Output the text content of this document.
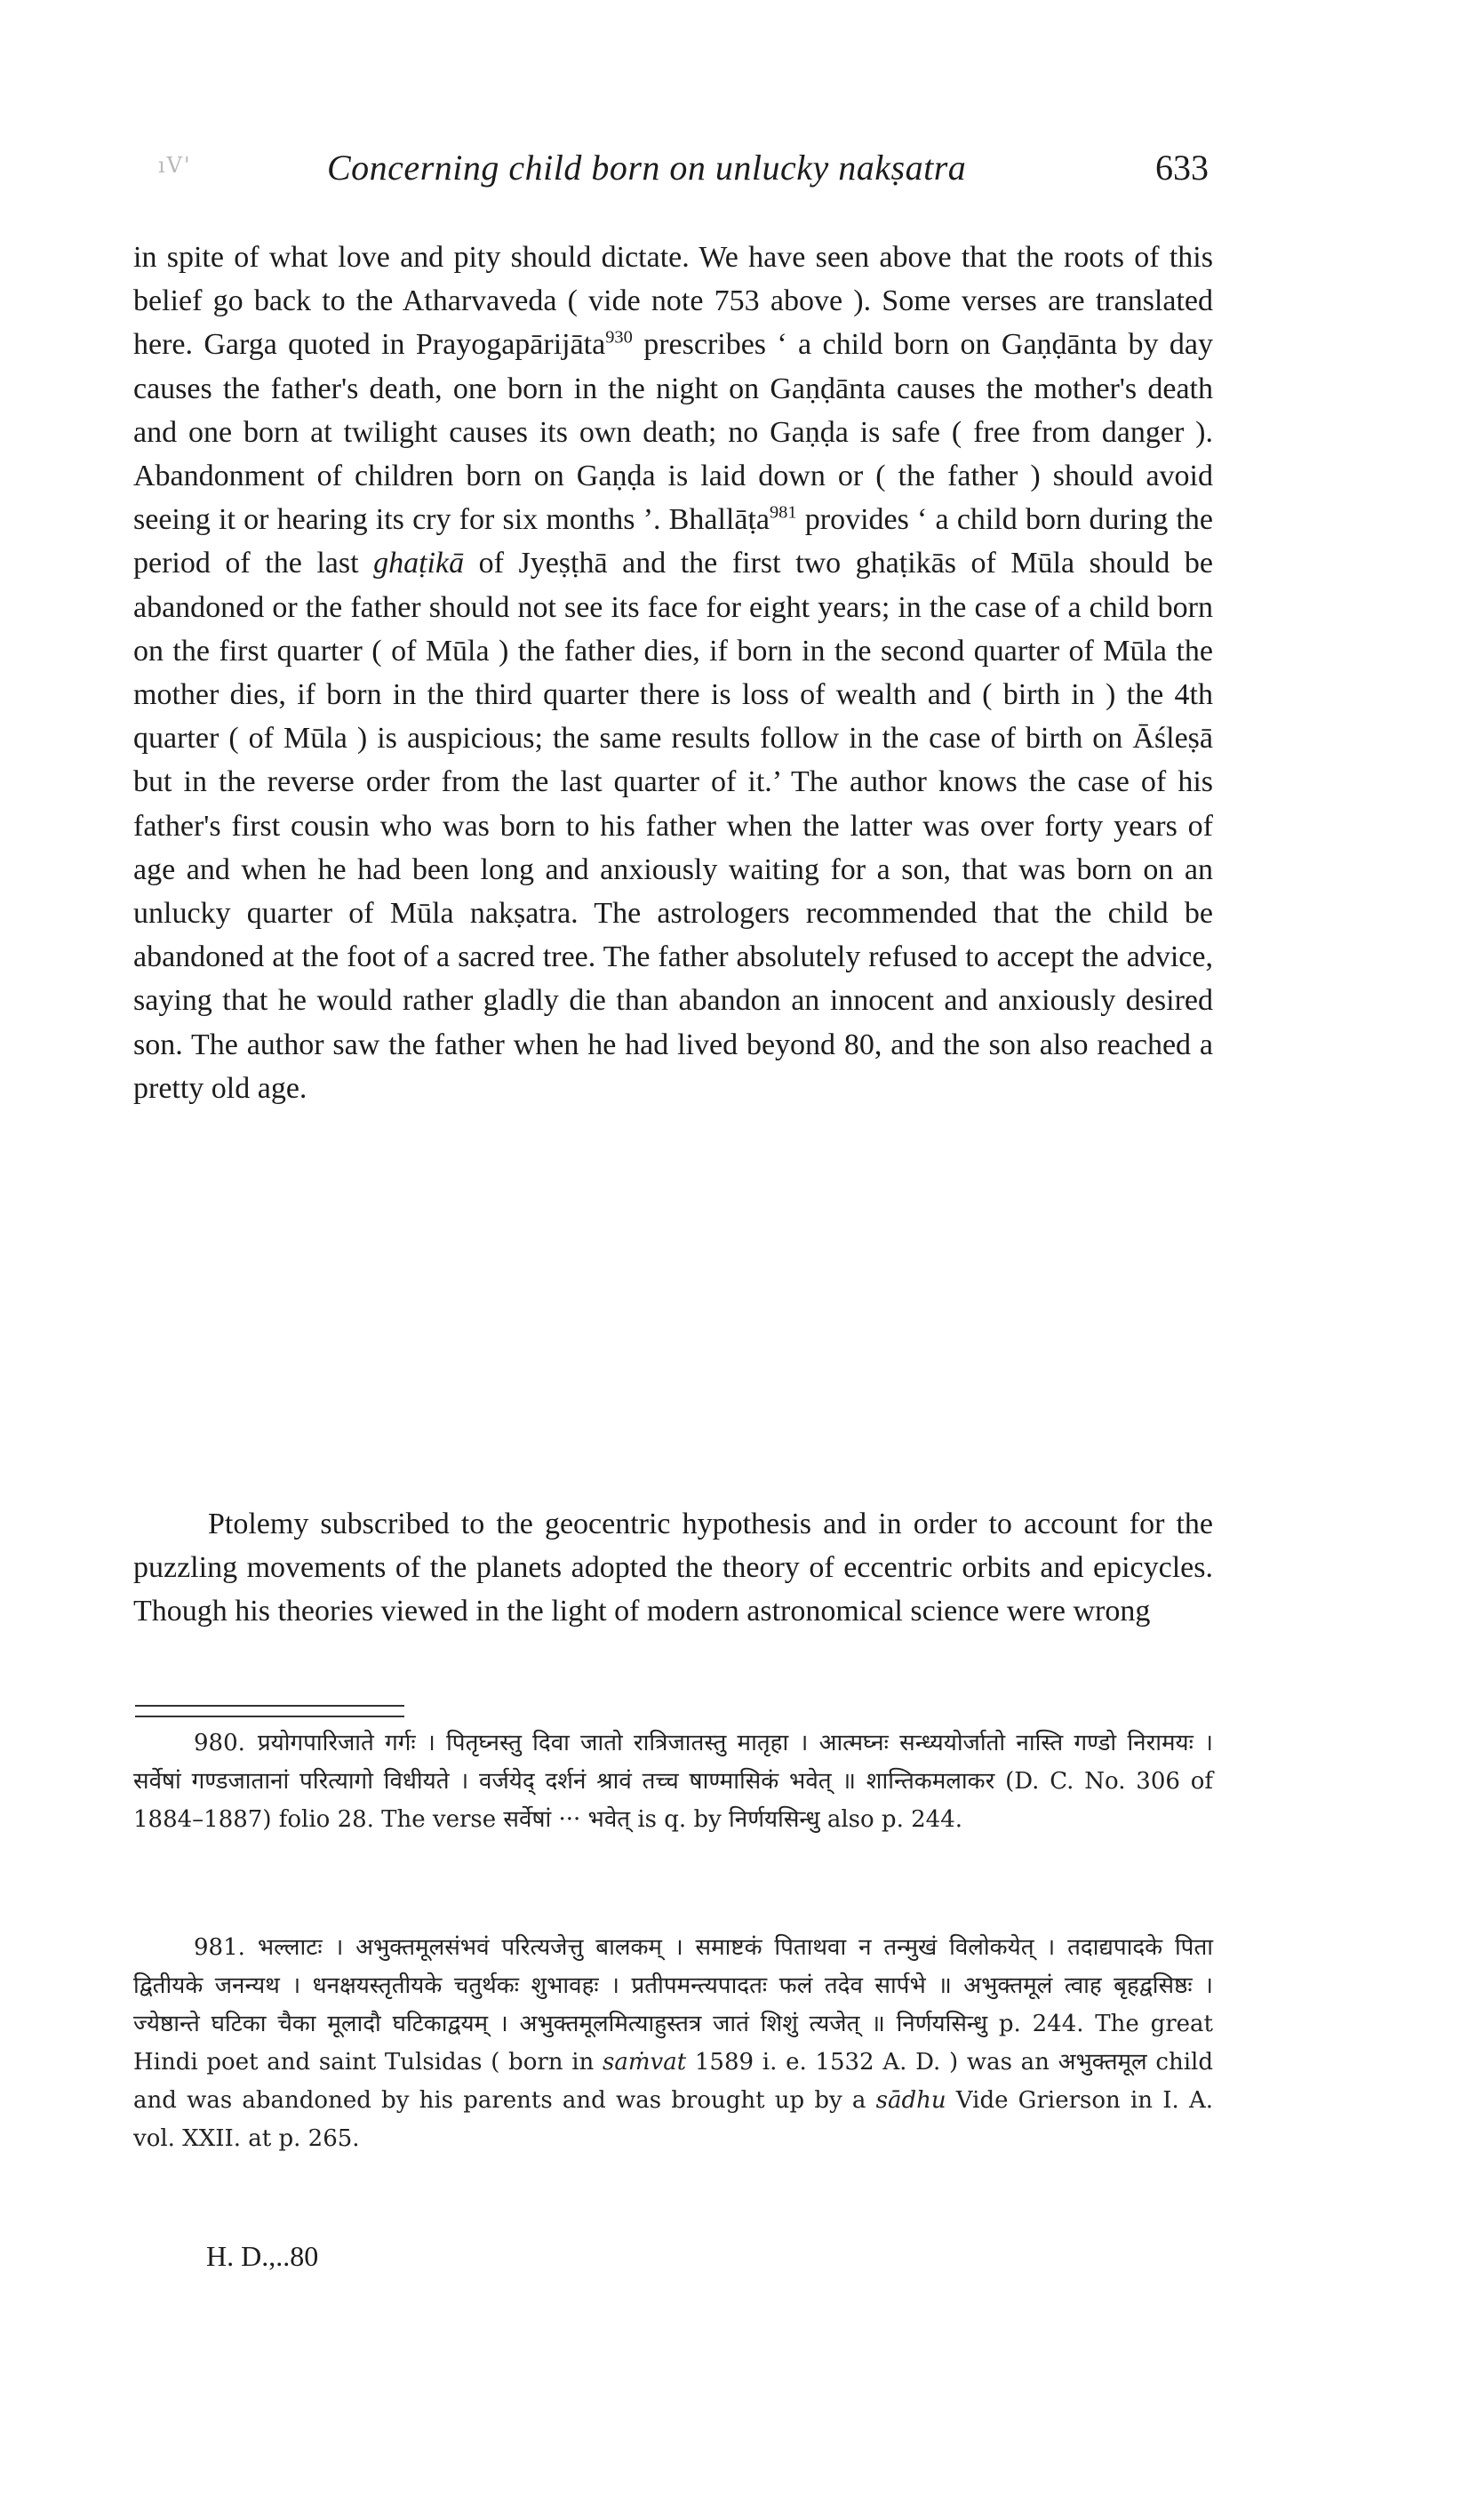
ıV'	Concerning child born on unlucky nakṣatra	633

in spite of what love and pity should dictate. We have seen above that the roots of this belief go back to the Atharvaveda ( vide note 753 above ). Some verses are translated here. Garga quoted in Prayogapārijāta$^{930}$ prescribes ‘ a child born on Gaṇḍānta by day causes the father's death, one born in the night on Gaṇḍānta causes the mother's death and one born at twilight causes its own death; no Gaṇḍa is safe ( free from danger ). Abandonment of children born on Gaṇḍa is laid down or ( the father ) should avoid seeing it or hearing its cry for six months ’. Bhallāṭa$^{981}$ provides ‘ a child born during the period of the last ghaṭikā of Jyeṣṭhā and the first two ghaṭikās of Mūla should be abandoned or the father should not see its face for eight years; in the case of a child born on the first quarter ( of Mūla ) the father dies, if born in the second quarter of Mūla the mother dies, if born in the third quarter there is loss of wealth and ( birth in ) the 4th quarter ( of Mūla ) is auspicious; the same results follow in the case of birth on Āśleṣā but in the reverse order from the last quarter of it.’ The author knows the case of his father's first cousin who was born to his father when the latter was over forty years of age and when he had been long and anxiously waiting for a son, that was born on an unlucky quarter of Mūla nakṣatra. The astrologers recommended that the child be abandoned at the foot of a sacred tree. The father absolutely refused to accept the advice, saying that he would rather gladly die than abandon an innocent and anxiously desired son. The author saw the father when he had lived beyond 80, and the son also reached a pretty old age.

Ptolemy subscribed to the geocentric hypothesis and in order to account for the puzzling movements of the planets adopted the theory of eccentric orbits and epicycles. Though his theories viewed in the light of modern astronomical science were wrong

980. प्रयोगपारिजाते गर्गः । पितृघ्नस्तु दिवा जातो रात्रिजातस्तु मातृहा । आत्मघ्नः सन्ध्ययोर्जातो नास्ति गण्डो निरामयः । सर्वेषां गण्डजातानां परित्यागो विधीयते । वर्जयेद् दर्शनं श्रावं तच्च षाण्मासिकं भवेत् ॥ शान्तिकमलाकर (D. C. No. 306 of 1884–1887) folio 28. The verse सर्वेषां ··· भवेत् is q. by निर्णयसिन्धु also p. 244.

981. भल्लाटः । अभुक्तमूलसंभवं परित्यजेत्तु बालकम् । समाष्टकं पिताथवा न तन्मुखं विलोकयेत् । तदाद्यपादके पिता द्वितीयके जनन्यथ । धनक्षयस्तृतीयके चतुर्थकः शुभावहः । प्रतीपमन्त्यपादतः फलं तदेव सार्पभे ॥ अभुक्तमूलं त्वाह बृहद्वसिष्ठः । ज्येष्ठान्ते घटिका चैका मूलादौ घटिकाद्वयम् । अभुक्तमूलमित्याहुस्तत्र जातं शिशुं त्यजेत् ॥ निर्णयसिन्धु p. 244. The great Hindi poet and saint Tulsidas ( born in saṁvat 1589 i. e. 1532 A. D. ) was an अभुक्तमूल child and was abandoned by his parents and was brought up by a sādhu Vide Grierson in I. A. vol. XXII. at p. 265.

H. D.,..80
